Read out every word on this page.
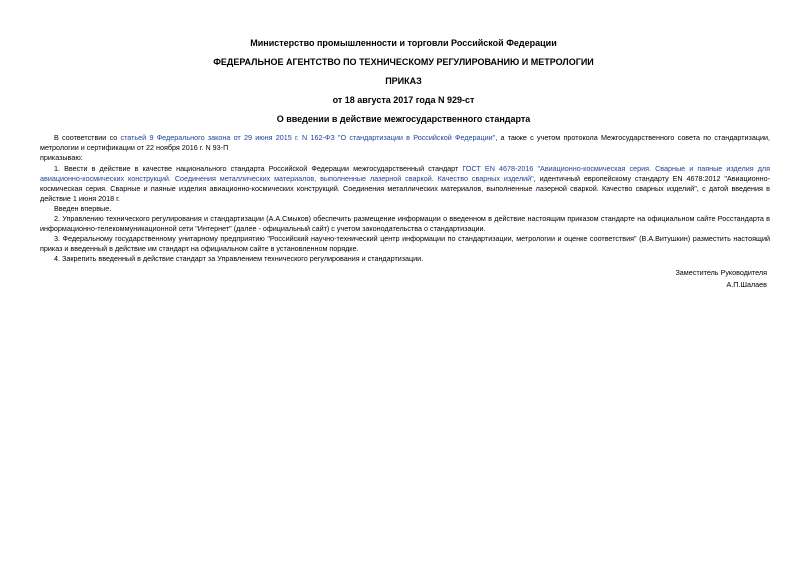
Министерство промышленности и торговли Российской Федерации
ФЕДЕРАЛЬНОЕ АГЕНТСТВО ПО ТЕХНИЧЕСКОМУ РЕГУЛИРОВАНИЮ И МЕТРОЛОГИИ
ПРИКАЗ
от 18 августа 2017 года N 929-ст
О введении в действие межгосударственного стандарта

В соответствии со статьей 9 Федерального закона от 29 июня 2015 г. N 162-ФЗ "О стандартизации в Российской Федерации", а также с учетом протокола Межгосударственного совета по стандартизации, метрологии и сертификации от 22 ноября 2016 г. N 93-П

приказываю:

1. Ввести в действие в качестве национального стандарта Российской Федерации межгосударственный стандарт ГОСТ EN 4678-2016 "Авиационно-космическая серия. Сварные и паяные изделия для авиационно-космических конструкций. Соединения металлических материалов, выполненные лазерной сваркой. Качество сварных изделий", идентичный европейскому стандарту EN 4678:2012 "Авиационно-космическая серия. Сварные и паяные изделия авиационно-космических конструкций. Соединения металлических материалов, выполненные лазерной сваркой. Качество сварных изделий", с датой введения в действие 1 июня 2018 г.

Введен впервые.

2. Управлению технического регулирования и стандартизации (А.А.Смыков) обеспечить размещение информации о введенном в действие настоящим приказом стандарте на официальном сайте Росстандарта в информационно-телекоммуникационной сети "Интернет" (далее - официальный сайт) с учетом законодательства о стандартизации.

3. Федеральному государственному унитарному предприятию "Российский научно-технический центр информации по стандартизации, метрологии и оценке соответствия" (В.А.Витушкин) разместить настоящий приказ и введенный в действие им стандарт на официальном сайте в установленном порядке.

4. Закрепить введенный в действие стандарт за Управлением технического регулирования и стандартизации.

Заместитель Руководителя
А.П.Шалаев
